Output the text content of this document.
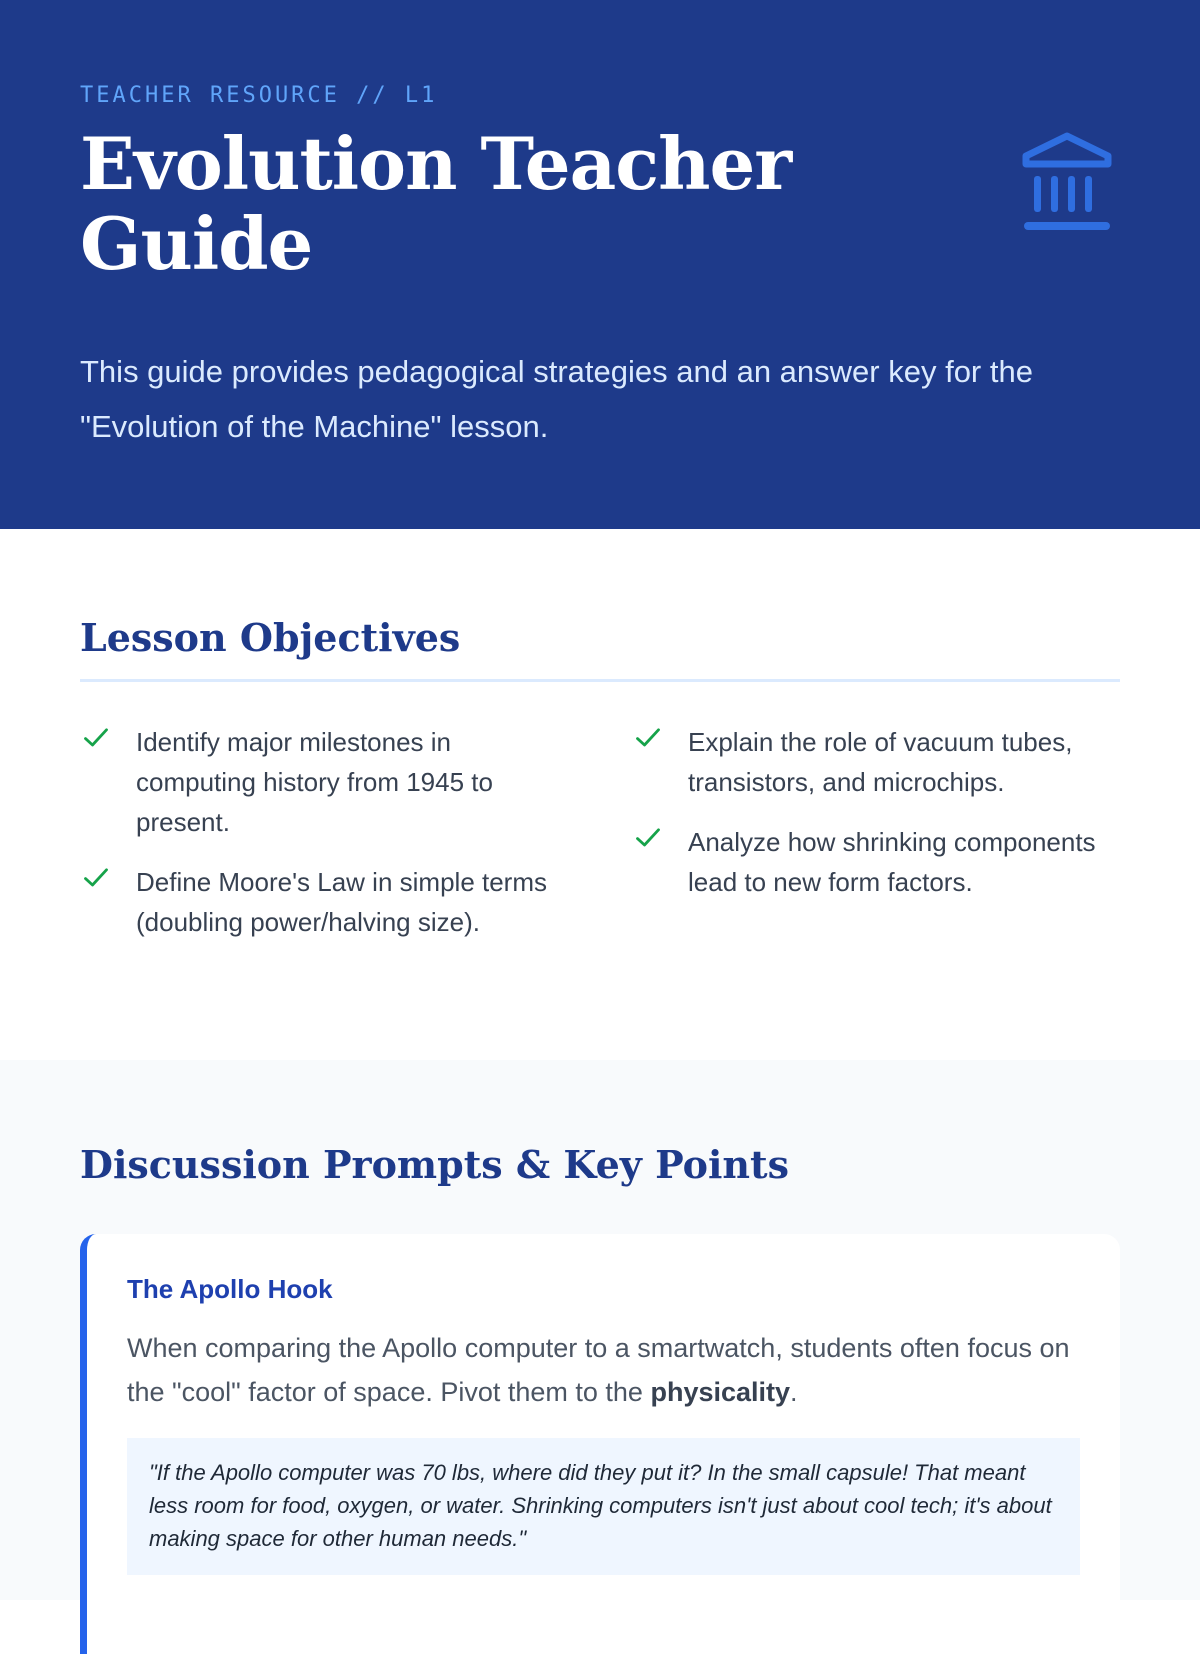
TEACHER RESOURCE // L1
Evolution Teacher Guide

This guide provides pedagogical strategies and an answer key for the "Evolution of the Machine" lesson.

Lesson Objectives
Identify major milestones in computing history from 1945 to present.
Define Moore's Law in simple terms (doubling power/halving size).
Explain the role of vacuum tubes, transistors, and microchips.
Analyze how shrinking components lead to new form factors.
Discussion Prompts & Key Points
The Apollo Hook

When comparing the Apollo computer to a smartwatch, students often focus on the "cool" factor of space. Pivot them to the physicality.

"If the Apollo computer was 70 lbs, where did they put it? In the small capsule! That meant less room for food, oxygen, or water. Shrinking computers isn't just about cool tech; it's about making space for other human needs."
